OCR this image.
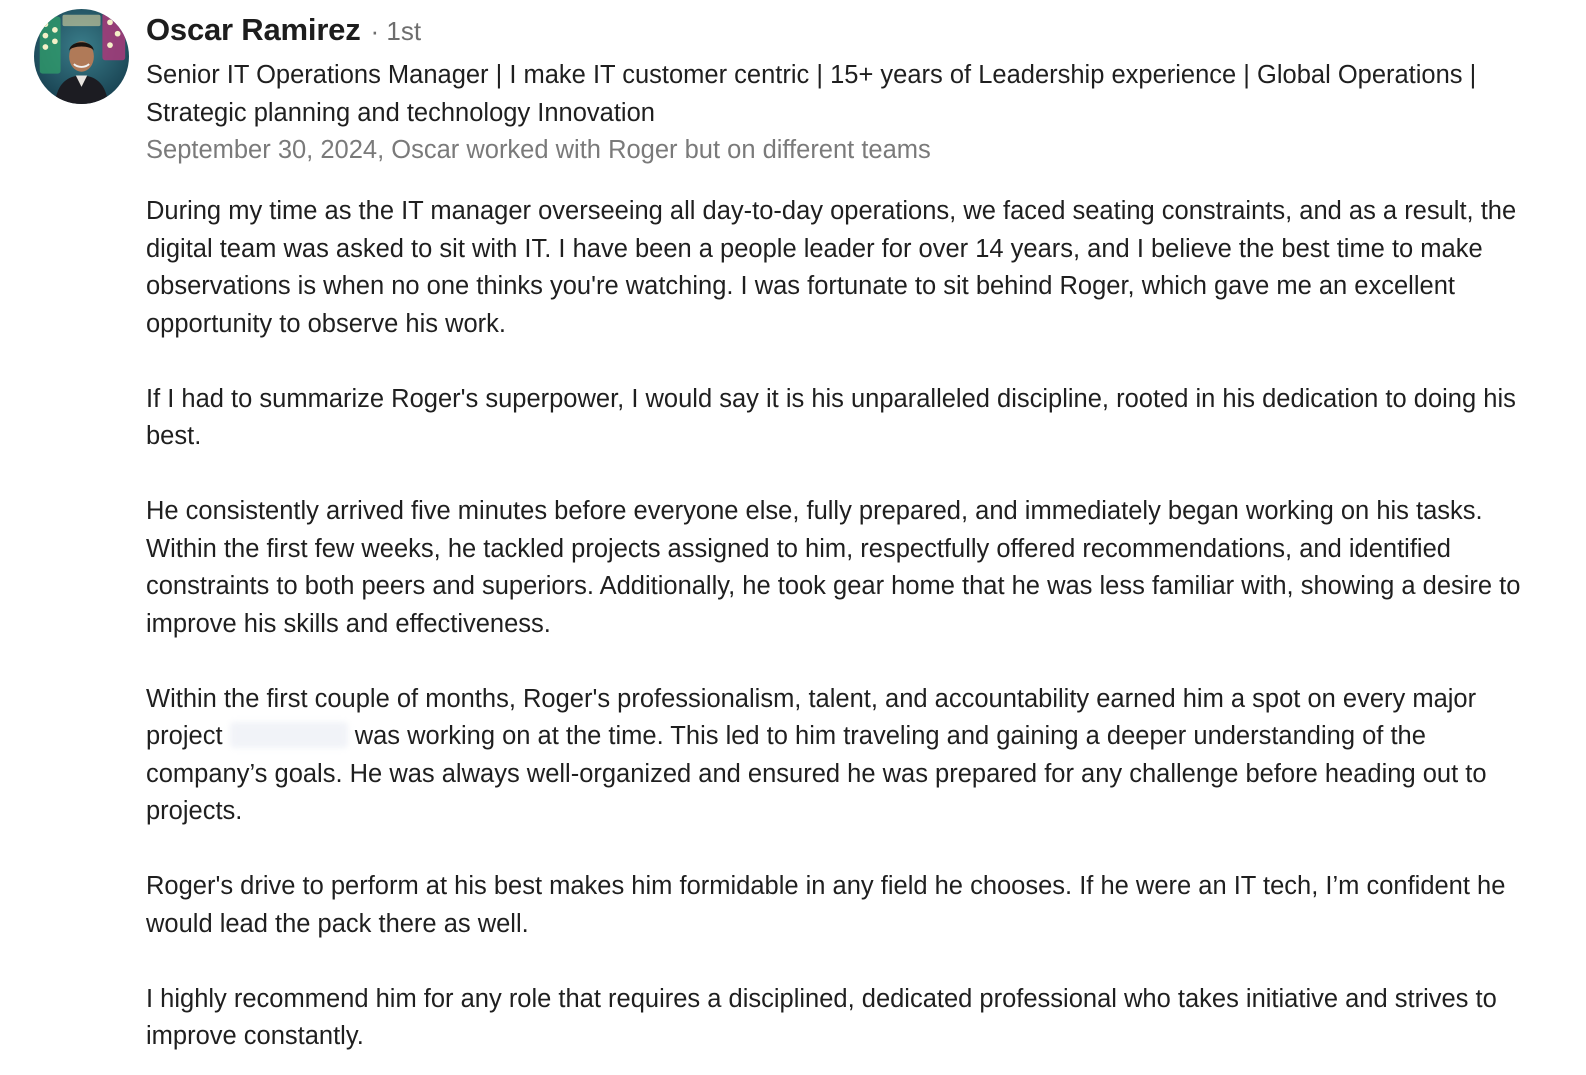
Oscar Ramirez · 1st
Senior IT Operations Manager | I make IT customer centric | 15+ years of Leadership experience | Global Operations | Strategic planning and technology Innovation
September 30, 2024, Oscar worked with Roger but on different teams

During my time as the IT manager overseeing all day-to-day operations, we faced seating constraints, and as a result, the digital team was asked to sit with IT. I have been a people leader for over 14 years, and I believe the best time to make observations is when no one thinks you're watching. I was fortunate to sit behind Roger, which gave me an excellent opportunity to observe his work.

If I had to summarize Roger's superpower, I would say it is his unparalleled discipline, rooted in his dedication to doing his best.

He consistently arrived five minutes before everyone else, fully prepared, and immediately began working on his tasks. Within the first few weeks, he tackled projects assigned to him, respectfully offered recommendations, and identified constraints to both peers and superiors. Additionally, he took gear home that he was less familiar with, showing a desire to improve his skills and effectiveness.

Within the first couple of months, Roger's professionalism, talent, and accountability earned him a spot on every major project	was working on at the time. This led to him traveling and gaining a deeper understanding of the company’s goals. He was always well-organized and ensured he was prepared for any challenge before heading out to projects.

Roger's drive to perform at his best makes him formidable in any field he chooses. If he were an IT tech, I’m confident he would lead the pack there as well.

I highly recommend him for any role that requires a disciplined, dedicated professional who takes initiative and strives to improve constantly.
